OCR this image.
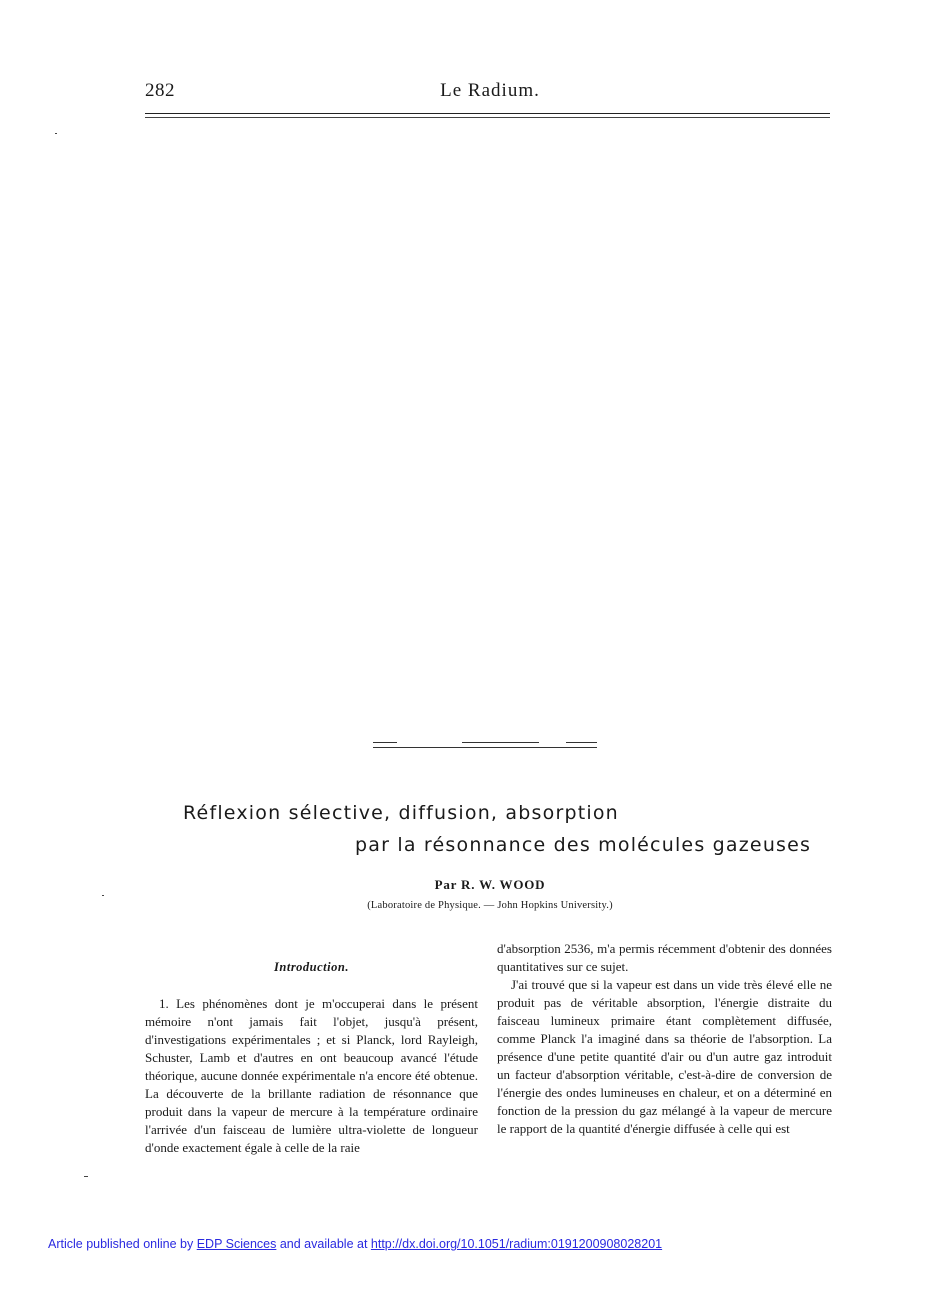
282	Le Radium.
Réflexion sélective, diffusion, absorption
par la résonnance des molécules gazeuses
Par R. W. WOOD
(Laboratoire de Physique. — John Hopkins University.)
Introduction.

1. Les phénomènes dont je m'occuperai dans le présent mémoire n'ont jamais fait l'objet, jusqu'à présent, d'investigations expérimentales ; et si Planck, lord Rayleigh, Schuster, Lamb et d'autres en ont beaucoup avancé l'étude théorique, aucune donnée expérimentale n'a encore été obtenue. La découverte de la brillante radiation de résonnance que produit dans la vapeur de mercure à la température ordinaire l'arrivée d'un faisceau de lumière ultra-violette de longueur d'onde exactement égale à celle de la raie

d'absorption 2536, m'a permis récemment d'obtenir des données quantitatives sur ce sujet.

J'ai trouvé que si la vapeur est dans un vide très élevé elle ne produit pas de véritable absorption, l'énergie distraite du faisceau lumineux primaire étant complètement diffusée, comme Planck l'a imaginé dans sa théorie de l'absorption. La présence d'une petite quantité d'air ou d'un autre gaz introduit un facteur d'absorption véritable, c'est-à-dire de conversion de l'énergie des ondes lumineuses en chaleur, et on a déterminé en fonction de la pression du gaz mélangé à la vapeur de mercure le rapport de la quantité d'énergie diffusée à celle qui est

Article published online by EDP Sciences and available at http://dx.doi.org/10.1051/radium:0191200908028201
